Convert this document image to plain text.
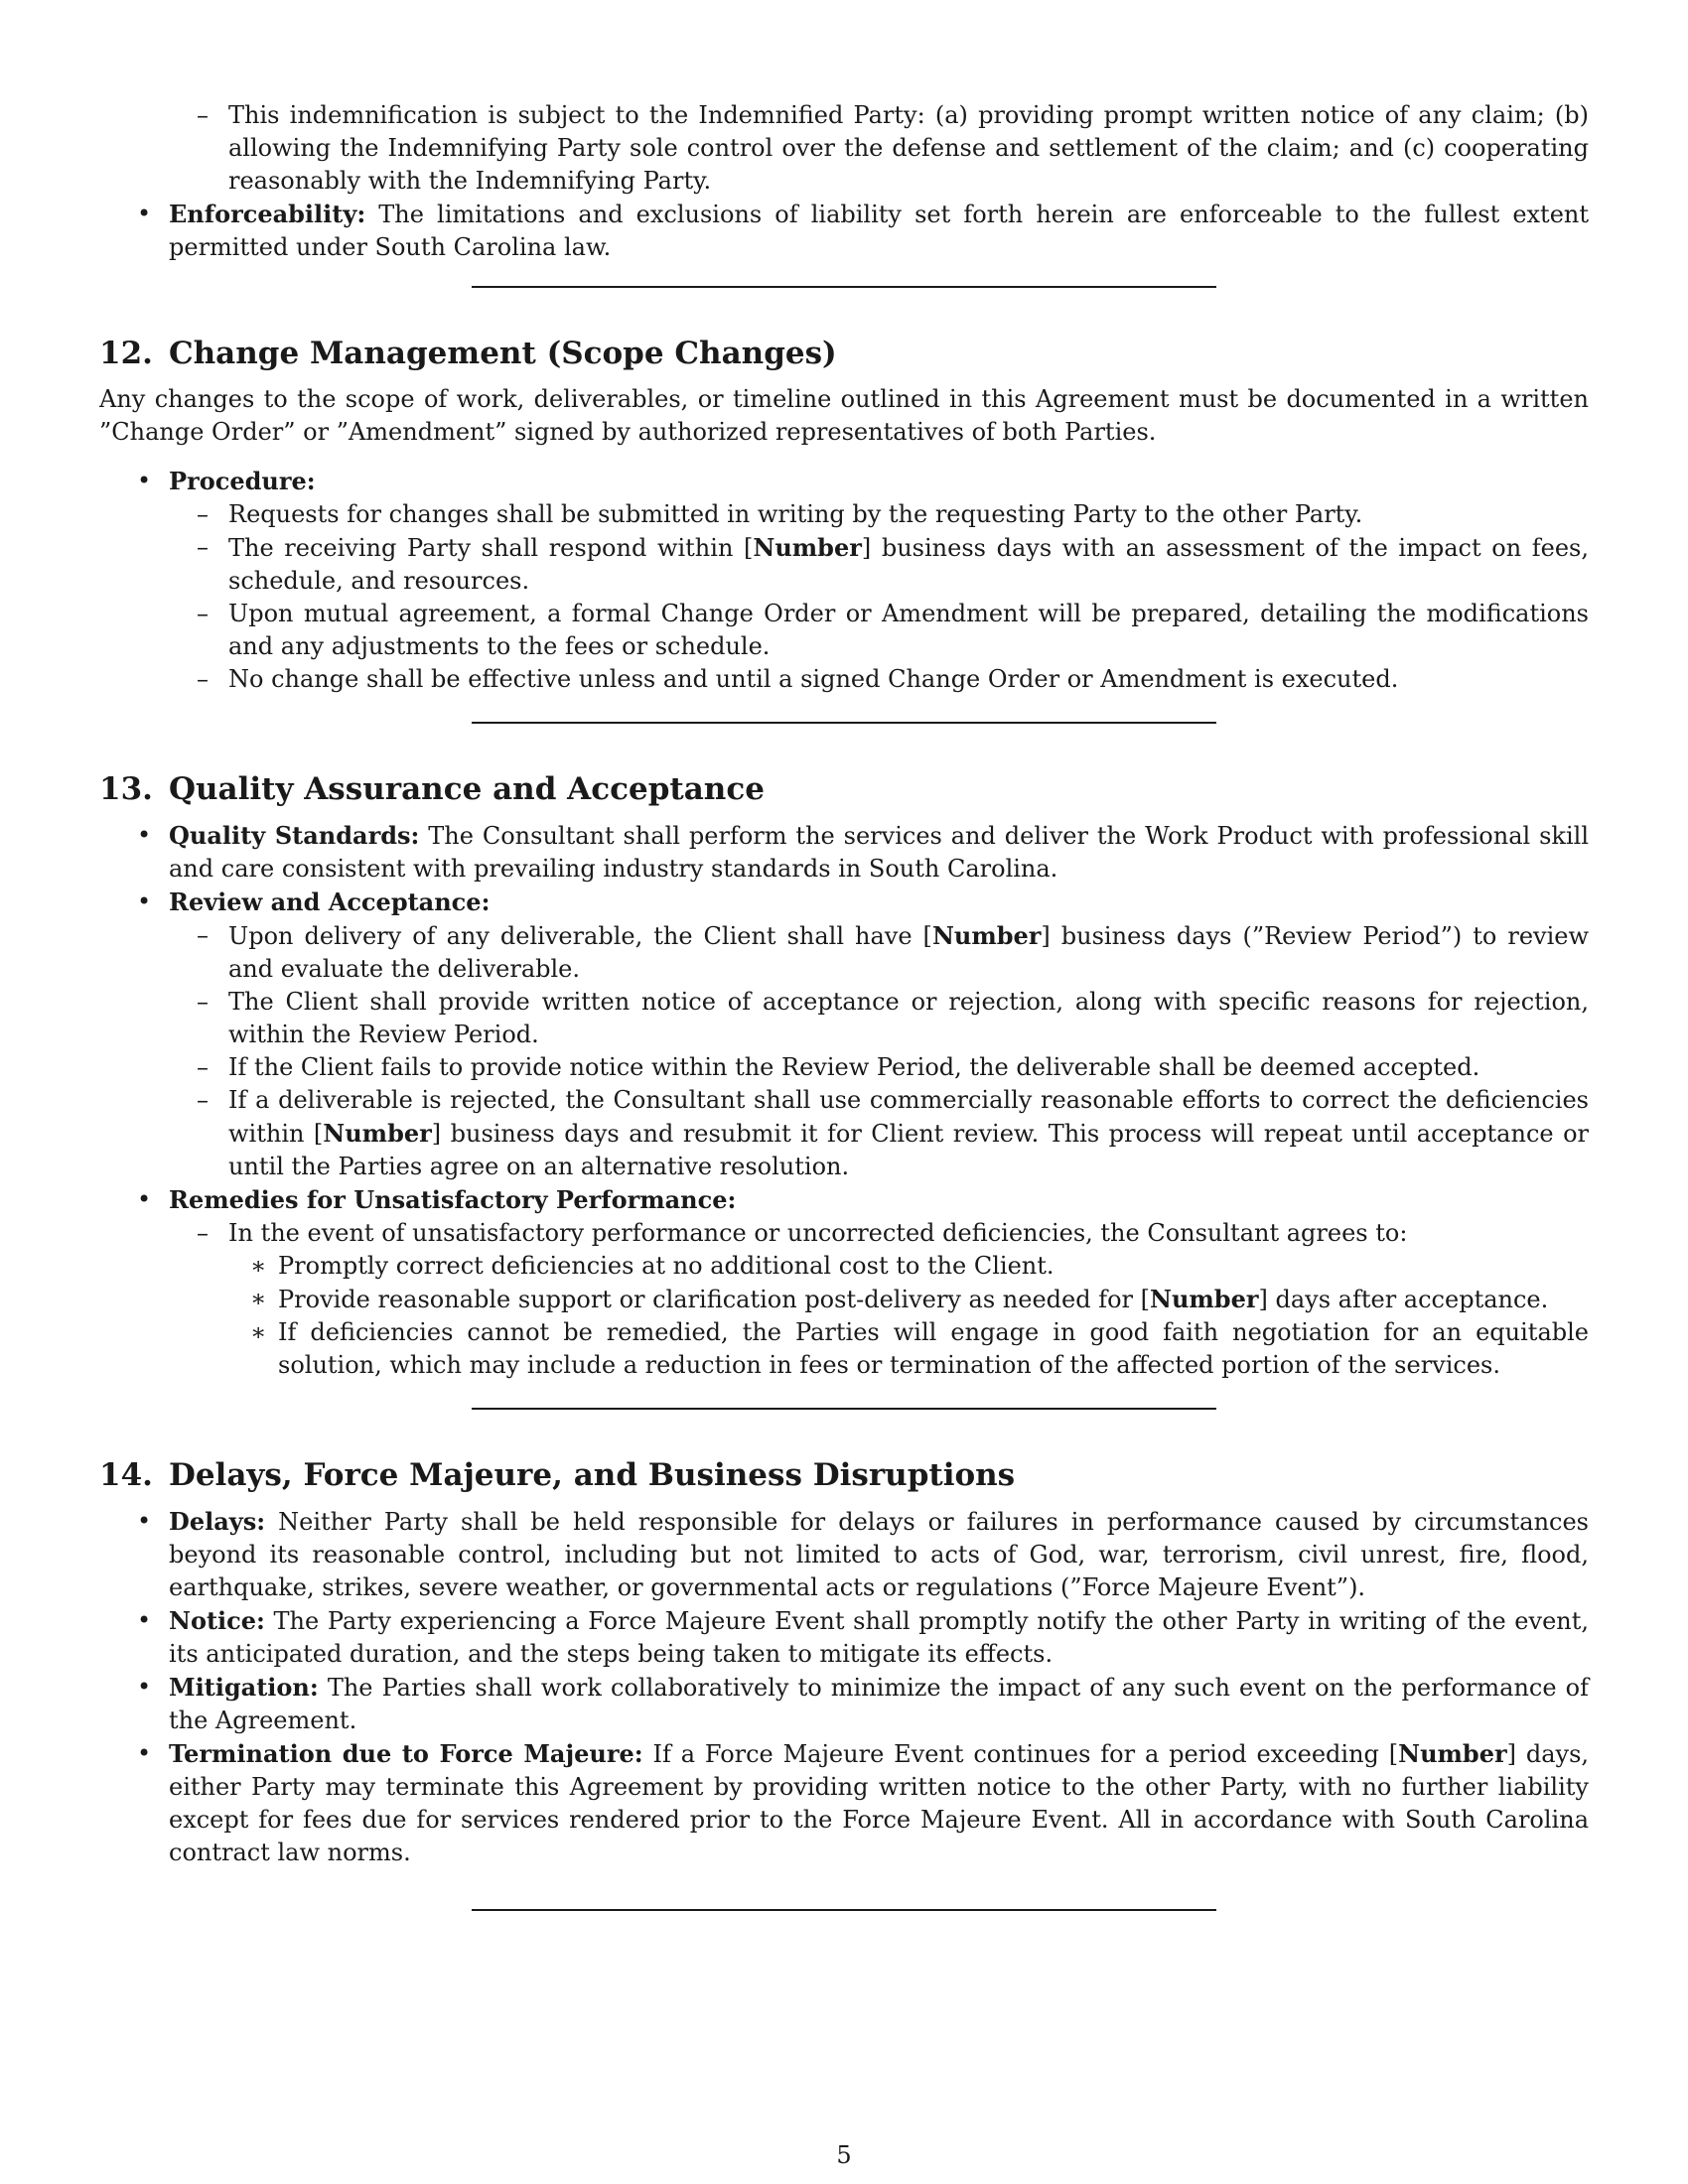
– This indemnification is subject to the Indemnified Party: (a) providing prompt written notice of any claim; (b) allowing the Indemnifying Party sole control over the defense and settlement of the claim; and (c) cooperating reasonably with the Indemnifying Party.
• Enforceability: The limitations and exclusions of liability set forth herein are enforceable to the fullest extent permitted under South Carolina law.
12. Change Management (Scope Changes)

Any changes to the scope of work, deliverables, or timeline outlined in this Agreement must be documented in a written ”Change Order” or ”Amendment” signed by authorized representatives of both Parties.

• Procedure:
– Requests for changes shall be submitted in writing by the requesting Party to the other Party.
– The receiving Party shall respond within [Number] business days with an assessment of the impact on fees, schedule, and resources.
– Upon mutual agreement, a formal Change Order or Amendment will be prepared, detailing the modifications and any adjustments to the fees or schedule.
– No change shall be effective unless and until a signed Change Order or Amendment is executed.
13. Quality Assurance and Acceptance
• Quality Standards: The Consultant shall perform the services and deliver the Work Product with professional skill and care consistent with prevailing industry standards in South Carolina.
• Review and Acceptance:
– Upon delivery of any deliverable, the Client shall have [Number] business days (”Review Period”) to review and evaluate the deliverable.
– The Client shall provide written notice of acceptance or rejection, along with specific reasons for rejection, within the Review Period.
– If the Client fails to provide notice within the Review Period, the deliverable shall be deemed accepted.
– If a deliverable is rejected, the Consultant shall use commercially reasonable efforts to correct the deficiencies within [Number] business days and resubmit it for Client review. This process will repeat until acceptance or until the Parties agree on an alternative resolution.
• Remedies for Unsatisfactory Performance:
– In the event of unsatisfactory performance or uncorrected deficiencies, the Consultant agrees to:
∗ Promptly correct deficiencies at no additional cost to the Client.
∗ Provide reasonable support or clarification post-delivery as needed for [Number] days after acceptance.
∗ If deficiencies cannot be remedied, the Parties will engage in good faith negotiation for an equitable solution, which may include a reduction in fees or termination of the affected portion of the services.
14. Delays, Force Majeure, and Business Disruptions
• Delays: Neither Party shall be held responsible for delays or failures in performance caused by circumstances beyond its reasonable control, including but not limited to acts of God, war, terrorism, civil unrest, fire, flood, earthquake, strikes, severe weather, or governmental acts or regulations (”Force Majeure Event”).
• Notice: The Party experiencing a Force Majeure Event shall promptly notify the other Party in writing of the event, its anticipated duration, and the steps being taken to mitigate its effects.
• Mitigation: The Parties shall work collaboratively to minimize the impact of any such event on the performance of the Agreement.
• Termination due to Force Majeure: If a Force Majeure Event continues for a period exceeding [Number] days, either Party may terminate this Agreement by providing written notice to the other Party, with no further liability except for fees due for services rendered prior to the Force Majeure Event. All in accordance with South Carolina contract law norms.
5
